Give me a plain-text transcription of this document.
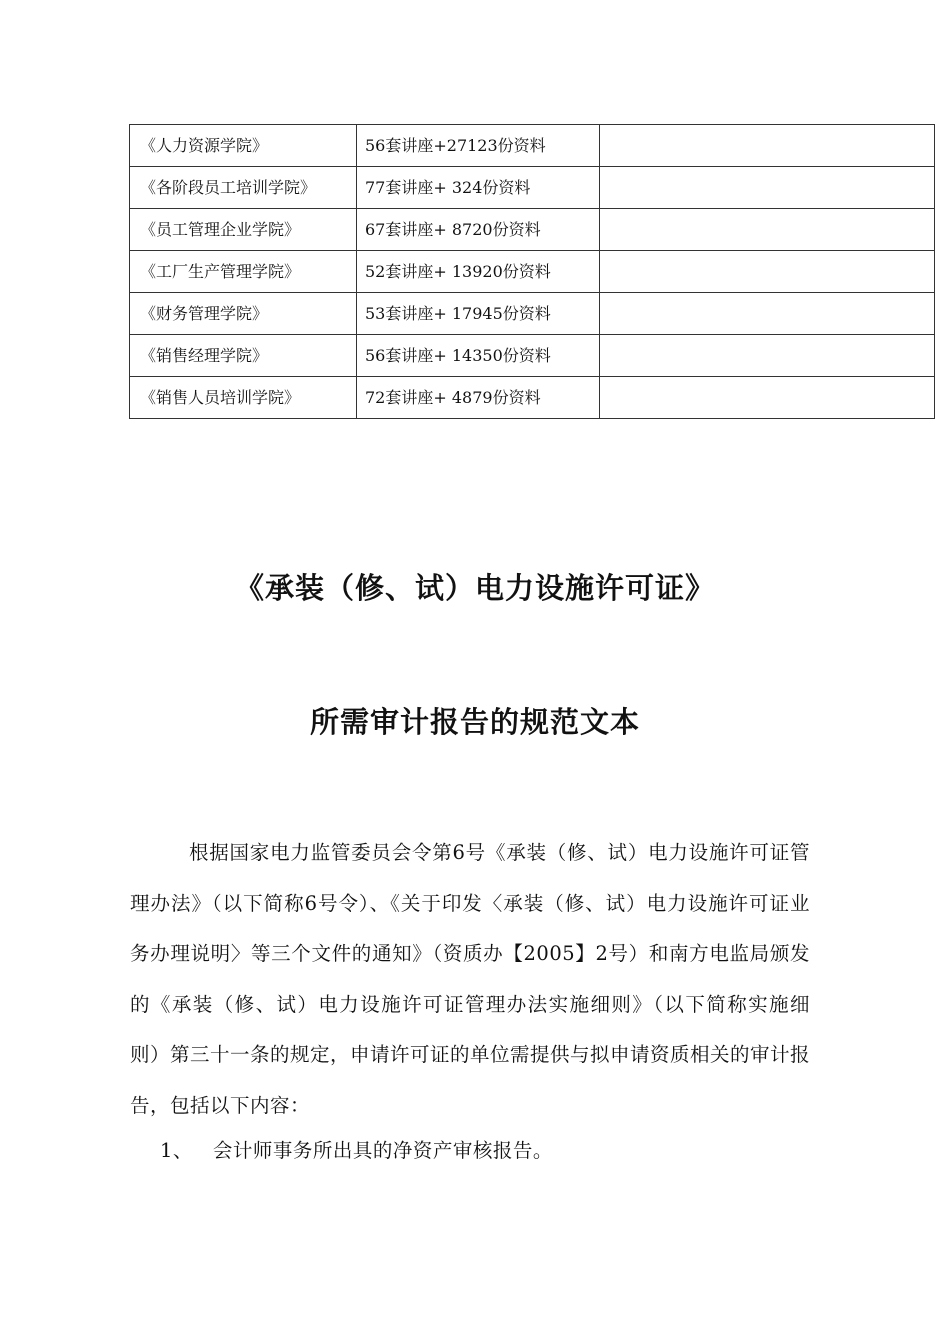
《人力资源学院》	56套讲座+27123份资料	
《各阶段员工培训学院》	77套讲座+ 324份资料	
《员工管理企业学院》	67套讲座+ 8720份资料	
《工厂生产管理学院》	52套讲座+ 13920份资料	
《财务管理学院》	53套讲座+ 17945份资料	
《销售经理学院》	56套讲座+ 14350份资料	
《销售人员培训学院》	72套讲座+ 4879份资料	
《承装（修、试）电力设施许可证》
所需审计报告的规范文本

根据国家电力监管委员会令第6号《承装（修、试）电力设施许可证管理办法》（以下简称6号令）、《关于印发〈承装（修、试）电力设施许可证业务办理说明〉等三个文件的通知》（资质办【2005】2号）和南方电监局颁发的《承装（修、试）电力设施许可证管理办法实施细则》（以下简称实施细则）第三十一条的规定，申请许可证的单位需提供与拟申请资质相关的审计报告，包括以下内容：

1、 会计师事务所出具的净资产审核报告。
